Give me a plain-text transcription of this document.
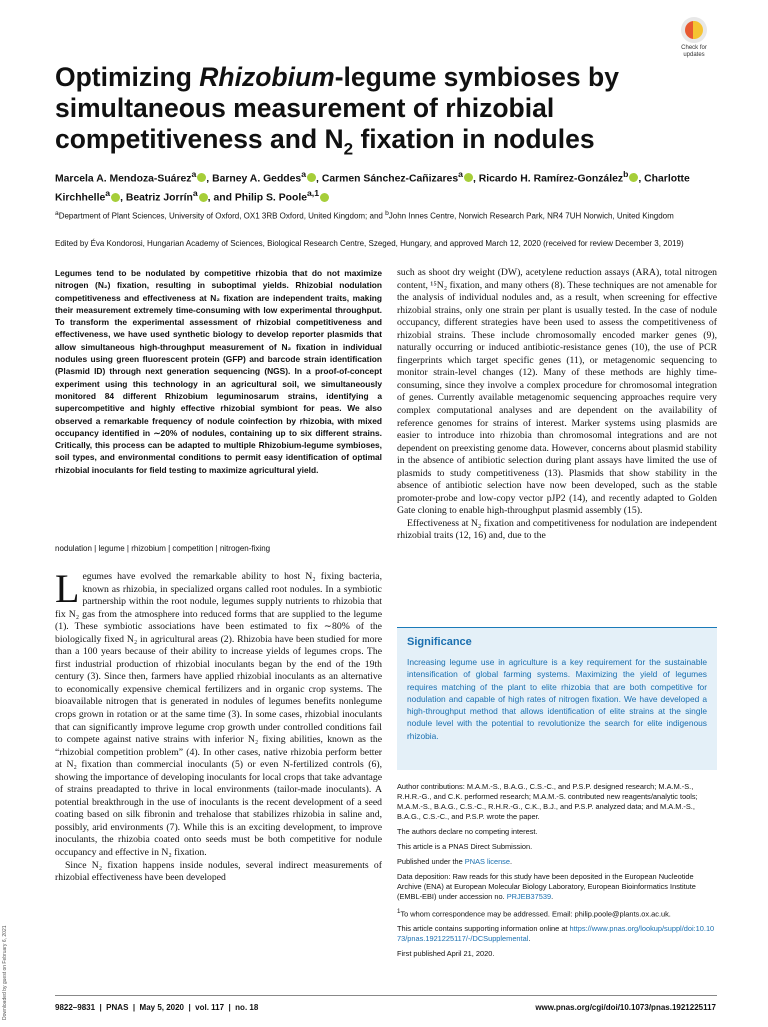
Check for
updates
Optimizing Rhizobium-legume symbioses by simultaneous measurement of rhizobial competitiveness and $N_2$ fixation in nodules
Marcela A. Mendoza-Suárez$^a$ , Barney A. Geddes$^a$ , Carmen Sánchez-Cañizares$^a$ , Ricardo H. Ramírez-González$^b$ , Charlotte Kirchhelle$^a$ , Beatriz Jorrín$^a$ , and Philip S. Poole$^{a,1}$
$^a$Department of Plant Sciences, University of Oxford, OX1 3RB Oxford, United Kingdom; and $^b$John Innes Centre, Norwich Research Park, NR4 7UH Norwich, United Kingdom
Edited by Éva Kondorosi, Hungarian Academy of Sciences, Biological Research Centre, Szeged, Hungary, and approved March 12, 2020 (received for review December 3, 2019)

Legumes tend to be nodulated by competitive rhizobia that do not maximize nitrogen (N₂) fixation, resulting in suboptimal yields. Rhizobial nodulation competitiveness and effectiveness at N₂ fixation are independent traits, making their measurement extremely time-consuming with low experimental throughput. To transform the experimental assessment of rhizobial competitiveness and effectiveness, we have used synthetic biology to develop reporter plasmids that allow simultaneous high-throughput measurement of N₂ fixation in individual nodules using green fluorescent protein (GFP) and barcode strain identification (Plasmid ID) through next generation sequencing (NGS). In a proof-of-concept experiment using this technology in an agricultural soil, we simultaneously monitored 84 different Rhizobium leguminosarum strains, identifying a supercompetitive and highly effective rhizobial symbiont for peas. We also observed a remarkable frequency of nodule coinfection by rhizobia, with mixed occupancy identified in ∼20% of nodules, containing up to six different strains. Critically, this process can be adapted to multiple Rhizobium-legume symbioses, soil types, and environmental conditions to permit easy identification of optimal rhizobial inoculants for field testing to maximize agricultural yield.

nodulation | legume | rhizobium | competition | nitrogen-fixing

Legumes have evolved the remarkable ability to host N₂ fixing bacteria, known as rhizobia, in specialized organs called root nodules. In a symbiotic partnership within the root nodule, legumes supply nutrients to rhizobia that fix N₂ gas from the atmosphere into reduced forms that are supplied to the legume (1). These symbiotic associations have been estimated to fix ∼80% of the biologically fixed N₂ in agricultural areas (2). Rhizobia have been studied for more than a 100 years because of their ability to increase yields of legumes crops. The first industrial production of rhizobial inoculants began by the end of the 19th century (3). Since then, farmers have applied rhizobial inoculants as an alternative to economically expensive chemical fertilizers and in organic crop systems. The bioavailable nitrogen that is generated in nodules of legumes benefits nonlegume crops grown in rotation or at the same time (3). In some cases, rhizobial inoculants that can significantly improve legume crop growth under controlled conditions fail to compete against native strains with inferior N₂ fixing abilities, known as the “rhizobial competition problem” (4). In other cases, native rhizobia perform better at N₂ fixation than commercial inoculants (5) or even N-fertilized controls (6), showing the importance of developing inoculants for local crops that take advantage of strains preadapted to thrive in local environments (tailor-made inoculants). A potential breakthrough in the use of inoculants is the recent development of a seed coating based on silk fibronin and trehalose that stabilizes rhizobia in saline and, possibly, arid environments (7). While this is an exciting development, to improve inoculants, the rhizobia coated onto seeds must be both competitive for nodule occupancy and effective in N₂ fixation.

Since N₂ fixation happens inside nodules, several indirect measurements of rhizobial effectiveness have been developed

such as shoot dry weight (DW), acetylene reduction assays (ARA), total nitrogen content, ¹⁵N₂ fixation, and many others (8). These techniques are not amenable for the analysis of individual nodules and, as a result, when screening for effective rhizobial strains, only one strain per plant is usually tested. In the case of nodule occupancy, different strategies have been used to assess the competitiveness of rhizobial strains. These include chromosomally encoded marker genes (9), naturally occurring or induced antibiotic-resistance genes (10), the use of PCR fingerprints which target specific genes (11), or metagenomic sequencing to monitor strain-level changes (12). Many of these methods are highly time-consuming, since they involve a complex procedure for chromosomal integration of genes. Currently available metagenomic sequencing approaches require very complex computational analyses and are dependent on the availability of reference genomes for strains of interest. Marker systems using plasmids are easier to introduce into rhizobia than chromosomal integrations and are not dependent on preexisting genome data. However, concerns about plasmid stability in the absence of antibiotic selection during plant assays have limited the use of plasmids to study competitiveness (13). Plasmids that show stability in the absence of antibiotic selection have now been developed, such as the stable promoter-probe and low-copy vector pJP2 (14), and recently adapted to Golden Gate cloning to enable high-throughput plasmid assembly (15).

Effectiveness at N₂ fixation and competitiveness for nodulation are independent rhizobial traits (12, 16) and, due to the

Significance

Increasing legume use in agriculture is a key requirement for the sustainable intensification of global farming systems. Maximizing the yield of legumes requires matching of the plant to elite rhizobia that are both competitive for nodulation and capable of high rates of nitrogen fixation. We have developed a high-throughput method that allows identification of elite strains at the single nodule level with the potential to revolutionize the search for elite indigenous rhizobia.

Author contributions: M.A.M.-S., B.A.G., C.S.-C., and P.S.P. designed research; M.A.M.-S., R.H.R.-G., and C.K. performed research; M.A.M.-S. contributed new reagents/analytic tools; M.A.M.-S., B.A.G., C.S.-C., R.H.R.-G., C.K., B.J., and P.S.P. analyzed data; and M.A.M.-S., B.A.G., C.S.-C., and P.S.P. wrote the paper.

The authors declare no competing interest.

This article is a PNAS Direct Submission.

Published under the PNAS license.

Data deposition: Raw reads for this study have been deposited in the European Nucleotide Archive (ENA) at European Molecular Biology Laboratory, European Bioinformatics Institute (EMBL-EBI) under accession no. PRJEB37539.

$^1$To whom correspondence may be addressed. Email: philip.poole@plants.ox.ac.uk.

This article contains supporting information online at https://www.pnas.org/lookup/suppl/doi:10.1073/pnas.1921225117/-/DCSupplemental.

First published April 21, 2020.

9822–9831  |  PNAS  |  May 5, 2020  |  vol. 117  |  no. 18	www.pnas.org/cgi/doi/10.1073/pnas.1921225117
Downloaded by guest on February 6, 2021
